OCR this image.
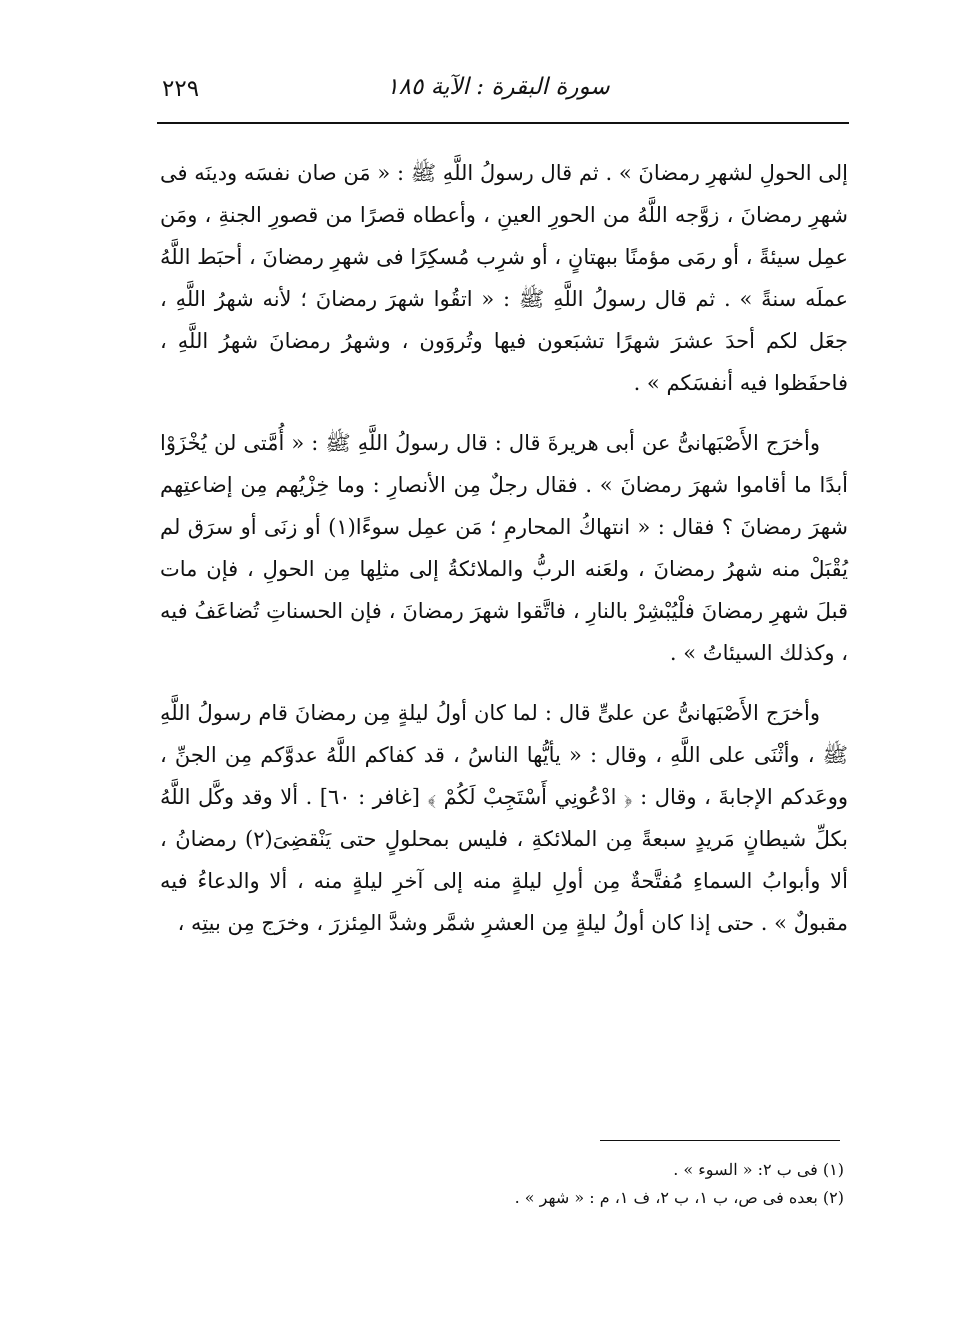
٢٢٩	سورة البقرة : الآية ١٨٥

إلى الحولِ لشهرِ رمضانَ » . ثم قال رسولُ اللَّهِ ﷺ : « مَن صان نفسَه ودينَه فى شهرِ رمضانَ ، زوَّجه اللَّهُ من الحورِ العينِ ، وأعطاه قصرًا من قصورِ الجنةِ ، ومَن عمِل سيئةً ، أو رمَى مؤمنًا ببهتانٍ ، أو شرِب مُسكِرًا فى شهرِ رمضانَ ، أحبَط اللَّهُ عملَه سنةً » . ثم قال رسولُ اللَّهِ ﷺ : « اتقُوا شهرَ رمضانَ ؛ لأنه شهرُ اللَّهِ ، جعَل لكم أحدَ عشرَ شهرًا تشبَعون فيها وتُروَون ، وشهرُ رمضانَ شهرُ اللَّهِ ، فاحفَظوا فيه أنفسَكم » .

وأخرَج الأَصْبَهانىُّ عن أبى هريرةَ قال : قال رسولُ اللَّهِ ﷺ : « أُمَّتى لن يُخْزَوْا أبدًا ما أقاموا شهرَ رمضانَ » . فقال رجلٌ مِن الأنصارِ : وما خِزْيُهم مِن إضاعتِهم شهرَ رمضانَ ؟ فقال : « انتهاكُ المحارمِ ؛ مَن عمِل سوءًا(١) أو زنَى أو سرَق لم يُقْبَلْ منه شهرُ رمضانَ ، ولعَنه الربُّ والملائكةُ إلى مثلِها مِن الحولِ ، فإن مات قبلَ شهرِ رمضانَ فلْيُبْشِرْ بالنارِ ، فاتَّقوا شهرَ رمضانَ ، فإن الحسناتِ تُضاعَفُ فيه ، وكذلك السيئاتُ » .

وأخرَج الأَصْبَهانىُّ عن علىٍّ قال : لما كان أولُ ليلةٍ مِن رمضانَ قام رسولُ اللَّهِ ﷺ ، وأثْنَى على اللَّهِ ، وقال : « يأيُّها الناسُ ، قد كفاكم اللَّهُ عدوَّكم مِن الجنِّ ، ووعَدكم الإجابةَ ، وقال : ﴿ ادْعُونِي أَسْتَجِبْ لَكُمْ ﴾ [غافر : ٦٠] . ألا وقد وكَّل اللَّهُ بكلِّ شيطانٍ مَريدٍ سبعةً مِن الملائكةِ ، فليس بمحلولٍ حتى يَنْقضِىَ(٢) رمضانُ ، ألا وأبوابُ السماءِ مُفتَّحةٌ مِن أولِ ليلةٍ منه إلى آخرِ ليلةٍ منه ، ألا والدعاءُ فيه مقبولٌ » . حتى إذا كان أولُ ليلةٍ مِن العشرِ شمَّر وشدَّ المِئزرَ ، وخرَج مِن بيتِه ،

(١) فى ب ٢: « السوء » .

(٢) بعده فى ص، ب ١، ب ٢، ف ١، م : « شهر » .
